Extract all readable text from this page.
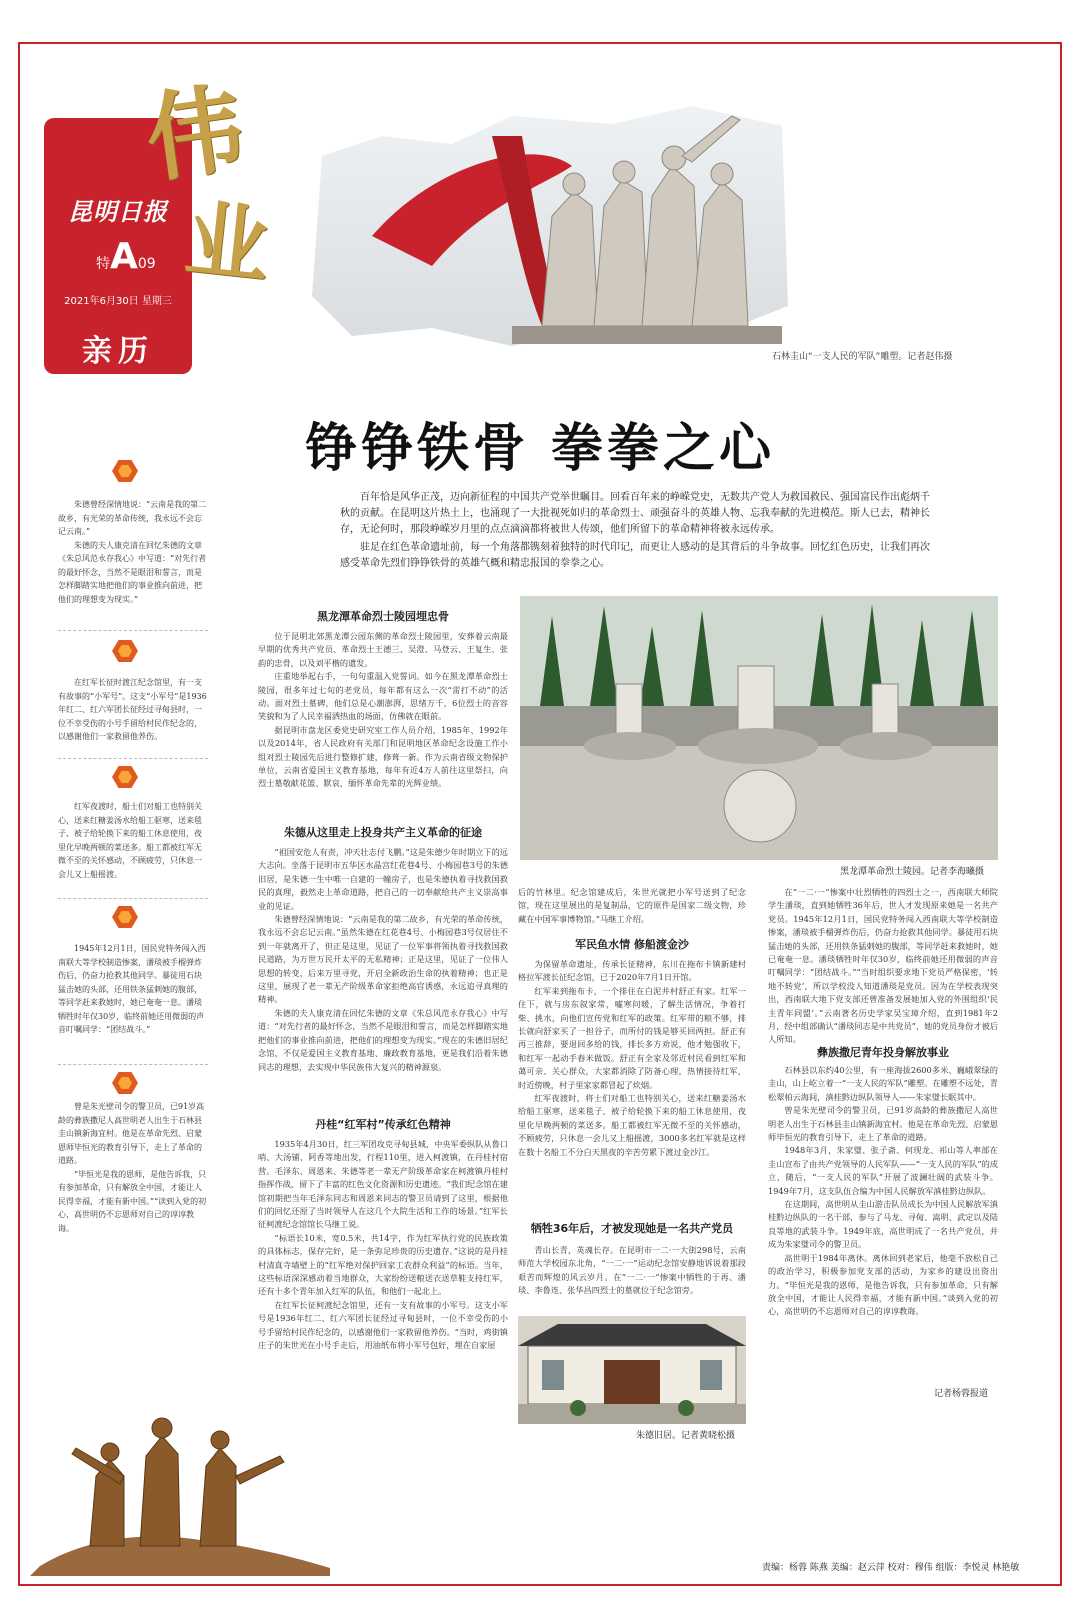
昆明日报
特A09
2021年6月30日 星期三
亲历
伟
业
石林圭山“一支人民的军队”雕塑。记者赵伟摄
铮铮铁骨 拳拳之心

百年恰是风华正茂，迈向新征程的中国共产党举世瞩目。回看百年来的峥嵘党史，无数共产党人为救国救民、强国富民作出彪炳千秋的贡献。在昆明这片热土上，也涌现了一大批视死如归的革命烈士、顽强奋斗的英雄人物、忘我奉献的先进模范。斯人已去，精神长存，无论何时，那段峥嵘岁月里的点点滴滴都将被世人传颂，他们所留下的革命精神将被永远传承。

驻足在红色革命遗址前，每一个角落都镌刻着独特的时代印记，而更让人感动的是其背后的斗争故事。回忆红色历史，让我们再次感受革命先烈们铮铮铁骨的英雄气概和精忠报国的拳拳之心。

朱德曾经深情地说：“云南是我的第二故乡，有光荣的革命传统，我永远不会忘记云南。”

朱德的夫人康克清在回忆朱德的文章《朱总风范永存我心》中写道：“对先行者的最好怀念，当然不是眼泪和誓言，而是怎样脚踏实地把他们的事业推向前进，把他们的理想变为现实。”

在红军长征时渡江纪念馆里，有一支有故事的“小军号”。这支“小军号”是1936年红二、红六军团长征经过寻甸县时，一位不幸受伤的小号手留给村民作纪念的，以感谢他们一家救留他养伤。

红军夜渡时，船士们对船工也特别关心，送来红糖姜汤水给船工驱寒，送来毯子、被子给轮换下来的船工休息使用，夜里化早晚两顿的菜送多。船工都被红军无微不至的关怀感动，不顾疲劳，只休息一会儿又上船摇渡。

1945年12月1日，国民党特务闯入西南联大等学校制造惨案，潘琰被手榴弹炸伤后，仍奋力抢救其他同学。暴徒用石块猛击她的头部，还用铁条猛刺她的腹部，等同学赶来救她时，她已奄奄一息。潘琰牺牲时年仅30岁，临终前她还用微弱的声音叮嘱同学：“团结战斗。”

曾是朱光壁司令的警卫员，已91岁高龄的彝族撒尼人高世明老人出生于石林县圭山镇新海宜村。他是在革命先烈、启蒙恩师毕恒光的教育引导下，走上了革命的道路。

“毕恒光是我的恩师，是他告诉我，只有参加革命，只有解放全中国，才能让人民得幸福，才能有新中国。”“读到入党的初心，高世明仍不忘恩师对自己的谆谆教诲。

黑龙潭革命烈士陵园埋忠骨

位于昆明北郊黑龙潭公园东侧的革命烈士陵园里，安葬着云南最早期的优秀共产党员、革命烈士王德三、吴澄、马登云、王复生、张韵的忠骨，以及刘平楷的遗发。

庄重地举起右手，一句句重温入党誓词。如今在黑龙潭革命烈士陵园，很多年过七旬的老党员，每年都有这么一次“雷打不动”的活动。面对烈士墓碑，他们总是心潮澎湃，思绪万千，6位烈士的音容笑貌和为了人民幸福洒热血的场面，仿佛就在眼前。

据昆明市盘龙区委党史研究室工作人员介绍，1985年、1992年以及2014年，省人民政府有关部门和昆明地区革命纪念设施工作小组对烈士陵园先后进行整修扩建，修葺一新。作为云南省级文物保护单位，云南省爱国主义教育基地，每年有近4万人前往这里祭扫，向烈士墓敬献花篮、默哀，缅怀革命先辈的光辉业绩。

朱德从这里走上投身共产主义革命的征途

“祖国安危人有责，冲天壮志付飞鹏。”这是朱德少年时期立下的远大志向。坐落于昆明市五华区水晶宫红花巷4号、小梅园巷3号的朱德旧居，是朱德一生中唯一自建的一幢房子，也是朱德执着寻找救国救民的真理，毅然走上革命道路，把自己的一切奉献给共产主义崇高事业的见证。

朱德曾经深情地说：“云南是我的第二故乡，有光荣的革命传统，我永远不会忘记云南。”虽然朱德在红花巷4号、小梅园巷3号仅居住不到一年就离开了，但正是这里，见证了一位军事将领执着寻找救国救民道路，为万世万民开太平的无私精神；正是这里，见证了一位伟人思想的转变，后来万里寻党，开启全新政治生命的执着精神；也正是这里，展现了老一辈无产阶级革命家拒绝高官诱惑，永远追寻真理的精神。

朱德的夫人康克清在回忆朱德的文章《朱总风范永存我心》中写道：“对先行者的最好怀念，当然不是眼泪和誓言，而是怎样脚踏实地把他们的事业推向前进，把他们的理想变为现实。”现在的朱德旧居纪念馆，不仅是爱国主义教育基地、廉政教育基地，更是我们沿着朱德同志的理想，去实现中华民族伟大复兴的精神源泉。

丹桂“红军村”传承红色精神

1935年4月30日，红三军团攻克寻甸县城，中央军委纵队从鲁口哨、大汤铺、阿香等地出发，行程110里，进入柯渡镇，在丹桂村宿营。毛泽东、周恩来、朱德等老一辈无产阶级革命家在柯渡镇丹桂村指挥作战，留下了丰富的红色文化资源和历史遗迹。“我们纪念馆在建馆初期把当年毛泽东同志和周恩来同志的警卫员请到了这里，根据他们的回忆还原了当时领导人在这几个大院生活和工作的场景。”红军长征柯渡纪念馆馆长马继工说。

“标语长10米，宽0.5米，共14字，作为红军执行党的民族政策的具体标志，保存完好，是一条弥足珍贵的历史遗存。”这说的是丹桂村清真寺墙壁上的“红军绝对保护回家工农群众利益”的标语。当年，这些标语深深感动着当地群众，大家纷纷送粮送衣送草鞋支持红军，还有十多个青年加入红军的队伍，和他们一起北上。

在红军长征柯渡纪念馆里，还有一支有故事的小军号。这支小军号是1936年红二、红六军团长征经过寻甸县时，一位不幸受伤的小号手留给村民作纪念的，以感谢他们一家救留他养伤。“当时，鸡街镇庄子的朱世光在小号手走后，用油纸布将小军号包好，埋在自家屋

黑龙潭革命烈士陵园。记者李海曦摄

后的竹林里。纪念馆建成后，朱世光就把小军号送到了纪念馆，现在这里展出的是复制品，它的原件是国家二级文物，珍藏在中国军事博物馆。”马继工介绍。

军民鱼水情 修船渡金沙

为保留革命遗址，传承长征精神，东川在拖布卡镇新建村格拉军渡长征纪念馆，已于2020年7月1日开馆。

红军来到拖布卡，一个排住在白泥井村舒正有家。红军一住下，就与房东叙家常，嘘寒问暖，了解生活情况，争着打柴、挑水，向他们宣传党和红军的政策。红军带的粮不够，排长就向舒家买了一担谷子，而所付的钱是够买回两担。舒正有再三推辞，要退回多给的钱，排长多方劝说，他才勉强收下，和红军一起动手舂米做饭。舒正有全家及邻近村民看到红军和蔼可亲、关心群众，大家都消除了防备心理，热情接待红军，时近傍晚，村子里家家都冒起了炊烟。

红军夜渡时，将士们对船工也特别关心，送来红糖姜汤水给船工驱寒，送来毯子、被子给轮换下来的船工休息使用，夜里化早晚两顿的菜送多。船工都被红军无微不至的关怀感动，不顾疲劳，只休息一会儿又上船摇渡，3000多名红军就是这样在数十名船工不分白天黑夜的辛苦劳累下渡过金沙江。

牺牲36年后，才被发现她是一名共产党员

青山长青，英魂长存。在昆明市一二·一大街298号，云南师范大学校园东北角，“一二·一”运动纪念馆安静地诉说着那段艰苦而辉煌的风云岁月。在“一二·一”惨案中牺牲的于再、潘琰、李鲁连、张华昌四烈士的墓就位于纪念馆旁。

朱德旧居。记者黄晓松摄

在“一二·一”惨案中壮烈牺牲的四烈士之一，西南联大师院学生潘琰，直到她牺牲36年后，世人才发现原来她是一名共产党员。1945年12月1日，国民党特务闯入西南联大等学校制造惨案，潘琰被手榴弹炸伤后，仍奋力抢救其他同学。暴徒用石块猛击她的头部，还用铁条猛刺她的腹部，等同学赶来救她时，她已奄奄一息。潘琰牺牲时年仅30岁，临终前她还用微弱的声音叮嘱同学：“团结战斗。”“当时组织要求地下党员严格保密，‘转地不转党’，所以学校没人知道潘琰是党员。因为在学校表现突出，西南联大地下党支部还曾准备发展她加入党的外围组织‘民主青年同盟’。”云南著名历史学家吴宝璋介绍，直到1981年2月，经中组部确认“潘琰同志是中共党员”，她的党员身份才被后人所知。

彝族撒尼青年投身解放事业

石林县以东约40公里，有一座海拔2600多米、巍峨翠绿的圭山，山上屹立着一“一支人民的军队”雕塑。在雕塑不远处，青松翠柏云海间，滇桂黔边纵队领导人——朱家璧长眠其中。

曾是朱光壁司令的警卫员，已91岁高龄的彝族撒尼人高世明老人出生于石林县圭山镇新海宜村。他是在革命先烈、启蒙恩师毕恒光的教育引导下，走上了革命的道路。

1948年3月，朱家璧、张子斋、何现龙、祁山等人率部在圭山宣布了由共产党领导的人民军队——“一支人民的军队”的成立，随后，“一支人民的军队”开展了波澜壮阔的武装斗争。1949年7月，这支队伍合编为中国人民解放军滇桂黔边纵队。

在这期间，高世明从圭山游击队员成长为中国人民解放军滇桂黔边纵队的一名干部，参与了马龙、寻甸、嵩明、武定以及陆良等地的武装斗争。1949年底，高世明成了一名共产党员，并成为朱家璧司令的警卫员。

高世明于1984年离休。离休回到老家后，他毫不放松自己的政治学习，积极参加党支部的活动，为家乡的建设出资出力。“毕恒光是我的恩师，是他告诉我，只有参加革命，只有解放全中国，才能让人民得幸福，才能有新中国。”谈到入党的初心，高世明仍不忘恩师对自己的谆谆教诲。

记者杨蓉报道
责编：杨蓉 陈燕 美编：赵云萍 校对：穆伟 组版：李悦灵 林艳敏
